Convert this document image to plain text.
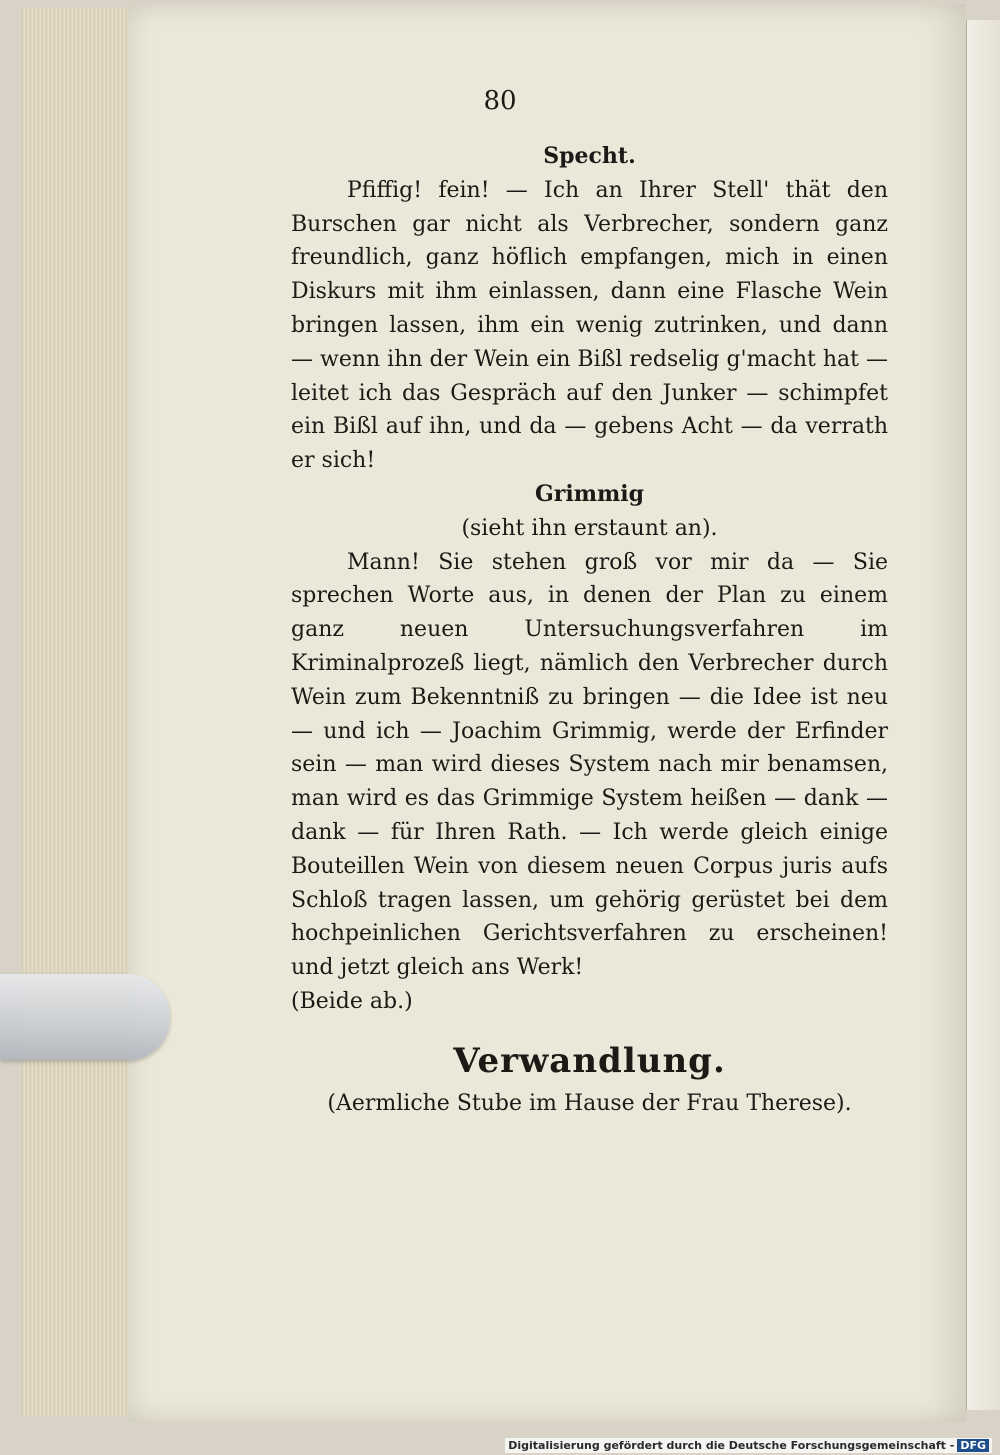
80
Specht.

Pfiffig! fein! — Ich an Ihrer Stell' thät den Burschen gar nicht als Verbrecher, sondern ganz freundlich, ganz höflich empfangen, mich in einen Diskurs mit ihm einlassen, dann eine Flasche Wein bringen lassen, ihm ein wenig zutrinken, und dann — wenn ihn der Wein ein Bißl redselig g'macht hat — leitet ich das Gespräch auf den Junker — schimpfet ein Bißl auf ihn, und da — gebens Acht — da verrath er sich!

Grimmig
(sieht ihn erstaunt an).

Mann! Sie stehen groß vor mir da — Sie sprechen Worte aus, in denen der Plan zu einem ganz neuen Untersuchungsverfahren im Kriminalprozeß liegt, nämlich den Verbrecher durch Wein zum Bekenntniß zu bringen — die Idee ist neu — und ich — Joachim Grimmig, werde der Erfinder sein — man wird dieses System nach mir benamsen, man wird es das Grimmige System heißen — dank — dank — für Ihren Rath. — Ich werde gleich einige Bouteillen Wein von diesem neuen Corpus juris aufs Schloß tragen lassen, um gehörig gerüstet bei dem hochpeinlichen Gerichtsverfahren zu erscheinen! und jetzt gleich ans Werk!

(Beide ab.)

Verwandlung.
(Aermliche Stube im Hause der Frau Therese).
Digitalisierung gefördert durch die Deutsche Forschungsgemeinschaft - DFG
